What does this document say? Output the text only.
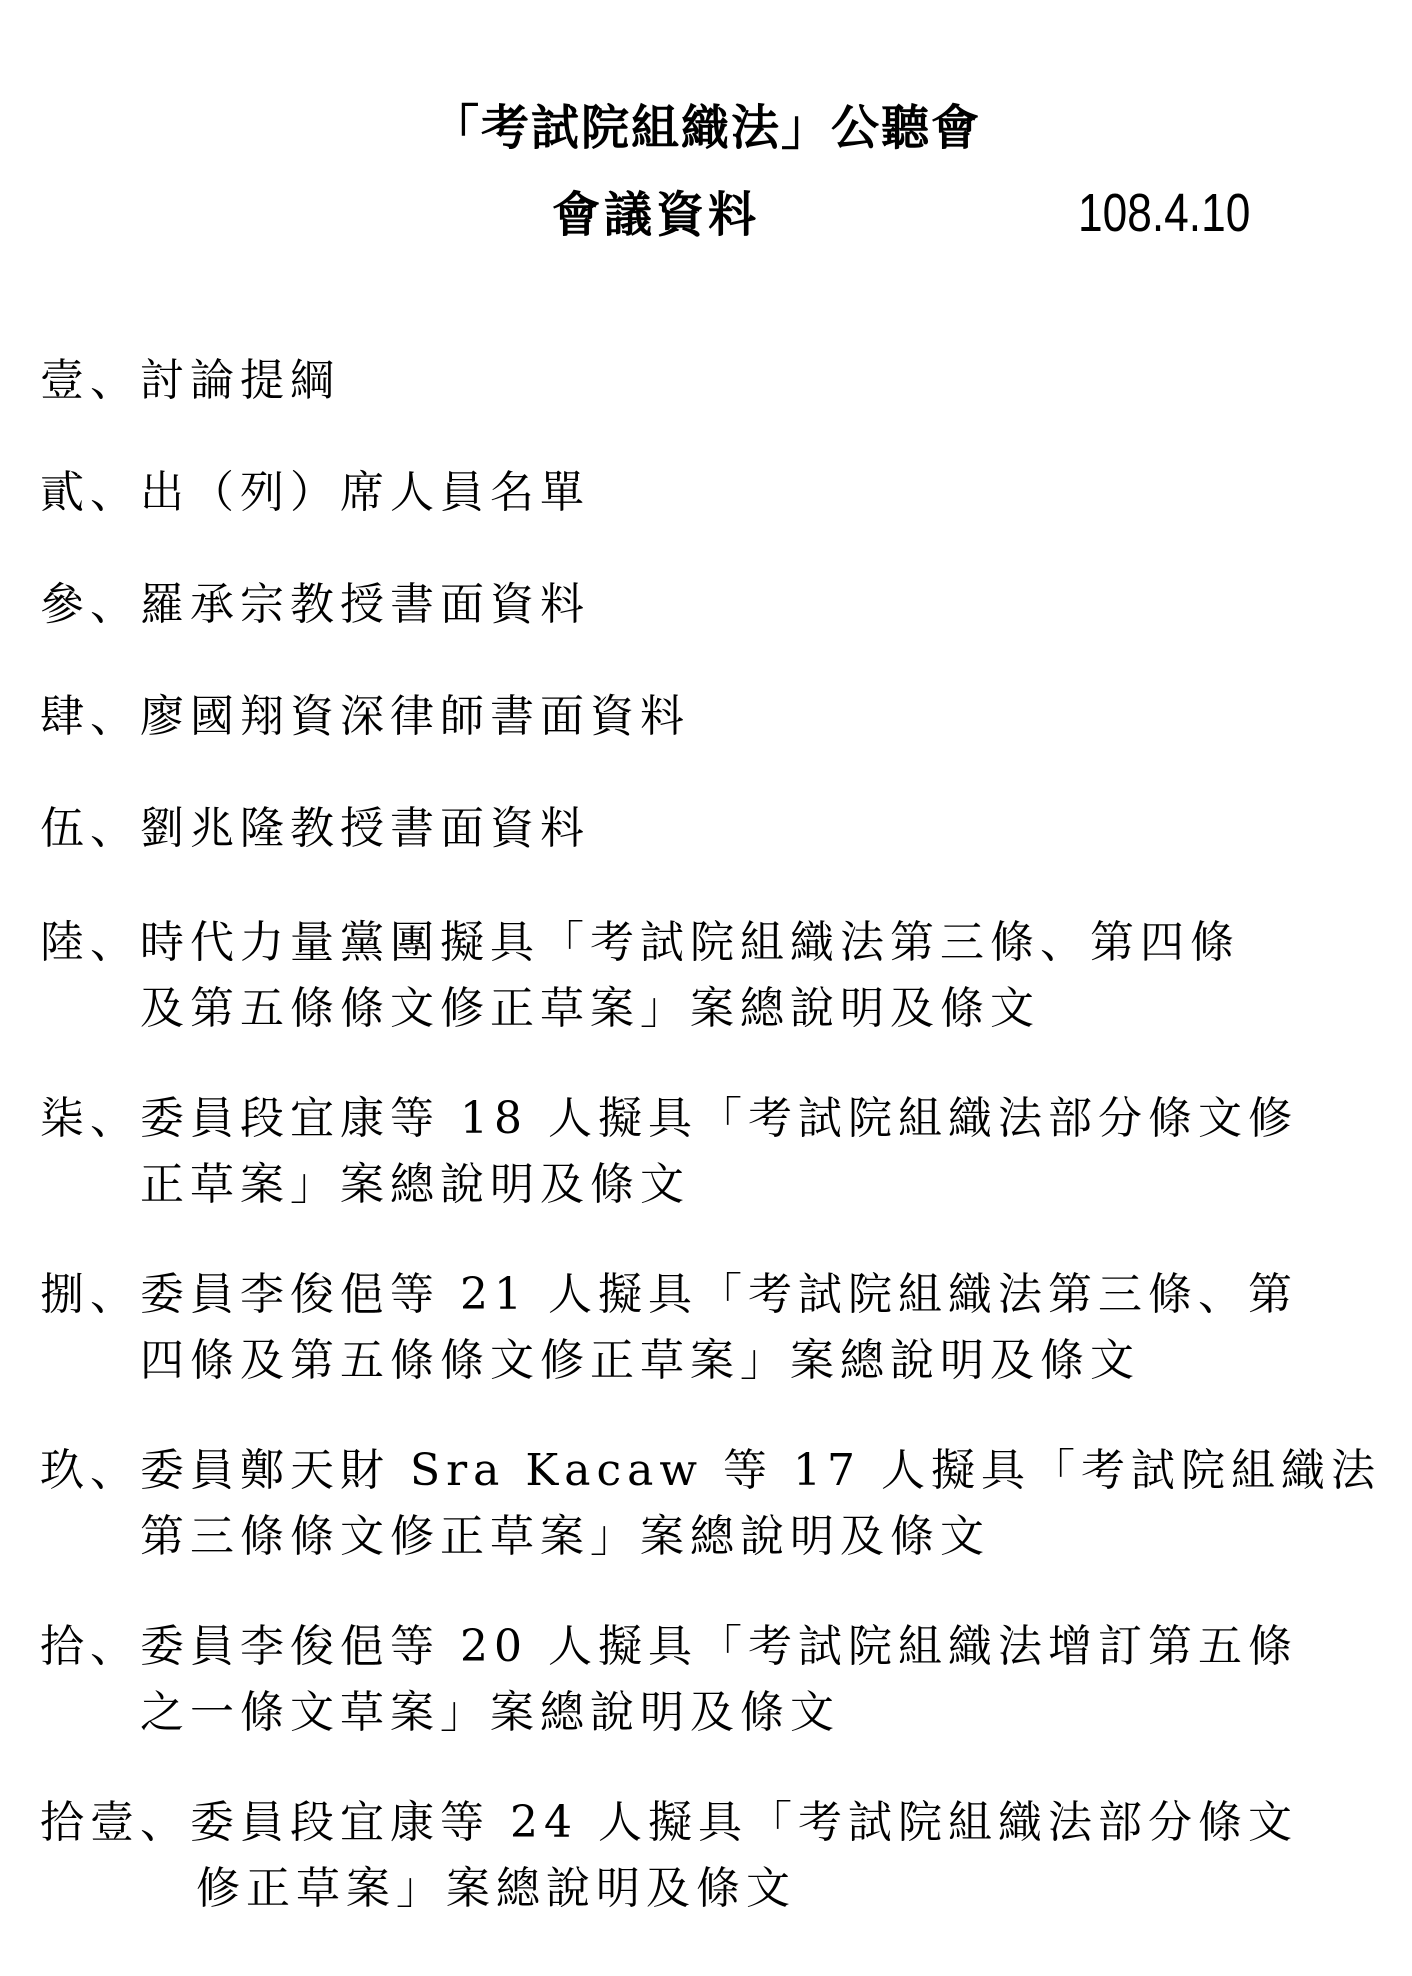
「考試院組織法」公聽會
會議資料	108.4.10
壹、討論提綱
貳、出（列）席人員名單
參、羅承宗教授書面資料
肆、廖國翔資深律師書面資料
伍、劉兆隆教授書面資料
陸、時代力量黨團擬具「考試院組織法第三條、第四條
及第五條條文修正草案」案總說明及條文
柒、委員段宜康等 18 人擬具「考試院組織法部分條文修
正草案」案總說明及條文
捌、委員李俊俋等 21 人擬具「考試院組織法第三條、第
四條及第五條條文修正草案」案總說明及條文
玖、委員鄭天財 Sra Kacaw 等 17 人擬具「考試院組織法
第三條條文修正草案」案總說明及條文
拾、委員李俊俋等 20 人擬具「考試院組織法增訂第五條
之一條文草案」案總說明及條文
拾壹、委員段宜康等 24 人擬具「考試院組織法部分條文
修正草案」案總說明及條文
